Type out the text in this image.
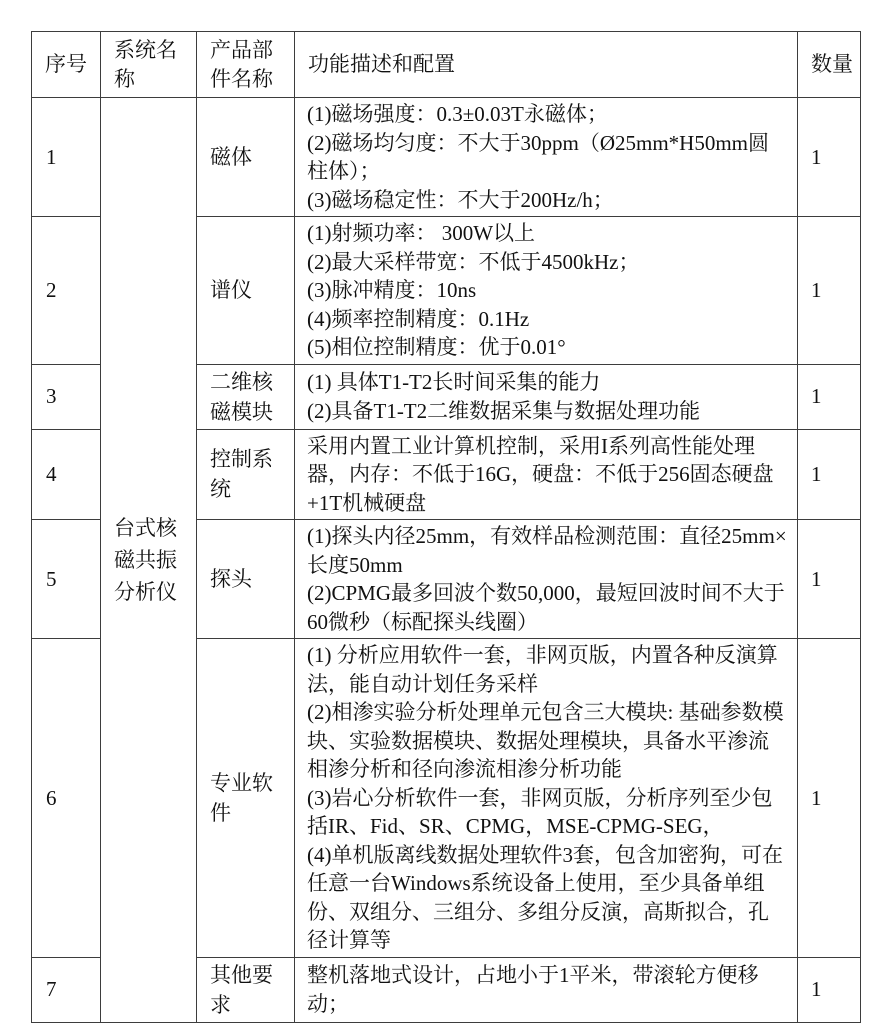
序号	系统名称	产品部件名称	功能描述和配置	数量
1	台式核磁共振分析仪	磁体	(1)磁场强度：0.3±0.03T永磁体；

(2)磁场均匀度：不大于30ppm（Ø25mm*H50mm圆柱体）；

(3)磁场稳定性：不大于200Hz/h；	1
2		谱仪	(1)射频功率： 300W以上

(2)最大采样带宽：不低于4500kHz；

(3)脉冲精度：10ns

(4)频率控制精度：0.1Hz

(5)相位控制精度：优于0.01°	1
3		二维核磁模块	(1) 具体T1-T2长时间采集的能力

(2)具备T1-T2二维数据采集与数据处理功能	1
4		控制系统	采用内置工业计算机控制，采用I系列高性能处理器，内存：不低于16G，硬盘：不低于256固态硬盘+1T机械硬盘	1
5		探头	(1)探头内径25mm，有效样品检测范围：直径25mm×长度50mm

(2)CPMG最多回波个数50,000，最短回波时间不大于60微秒（标配探头线圈）	1
6		专业软件	(1) 分析应用软件一套，非网页版，内置各种反演算法，能自动计划任务采样

(2)相渗实验分析处理单元包含三大模块: 基础参数模块、实验数据模块、数据处理模块，具备水平渗流相渗分析和径向渗流相渗分析功能

(3)岩心分析软件一套，非网页版，分析序列至少包括IR、Fid、SR、CPMG，MSE-CPMG-SEG，

(4)单机版离线数据处理软件3套，包含加密狗，可在任意一台Windows系统设备上使用，至少具备单组份、双组分、三组分、多组分反演，高斯拟合，孔径计算等	1
7		其他要求	整机落地式设计，占地小于1平米，带滚轮方便移动；	1
